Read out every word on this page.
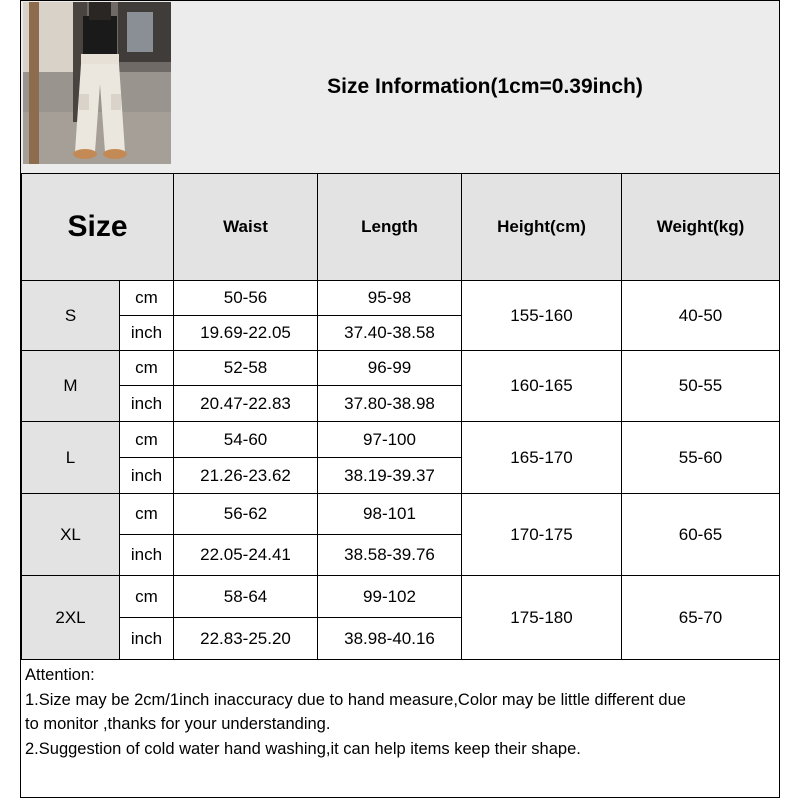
Size Information(1cm=0.39inch)
Size		Waist	Length	Height(cm)	Weight(kg)
S	cm	50-56	95-98	155-160	40-50
	inch	19.69-22.05	37.40-38.58		
M	cm	52-58	96-99	160-165	50-55
	inch	20.47-22.83	37.80-38.98		
L	cm	54-60	97-100	165-170	55-60
	inch	21.26-23.62	38.19-39.37		
XL	cm	56-62	98-101	170-175	60-65
	inch	22.05-24.41	38.58-39.76		
2XL	cm	58-64	99-102	175-180	65-70
	inch	22.83-25.20	38.98-40.16		
Attention:
1.Size may be 2cm/1inch inaccuracy due to hand measure,Color may be little different due
to monitor ,thanks for your understanding.
2.Suggestion of cold water hand washing,it can help items keep their shape.
